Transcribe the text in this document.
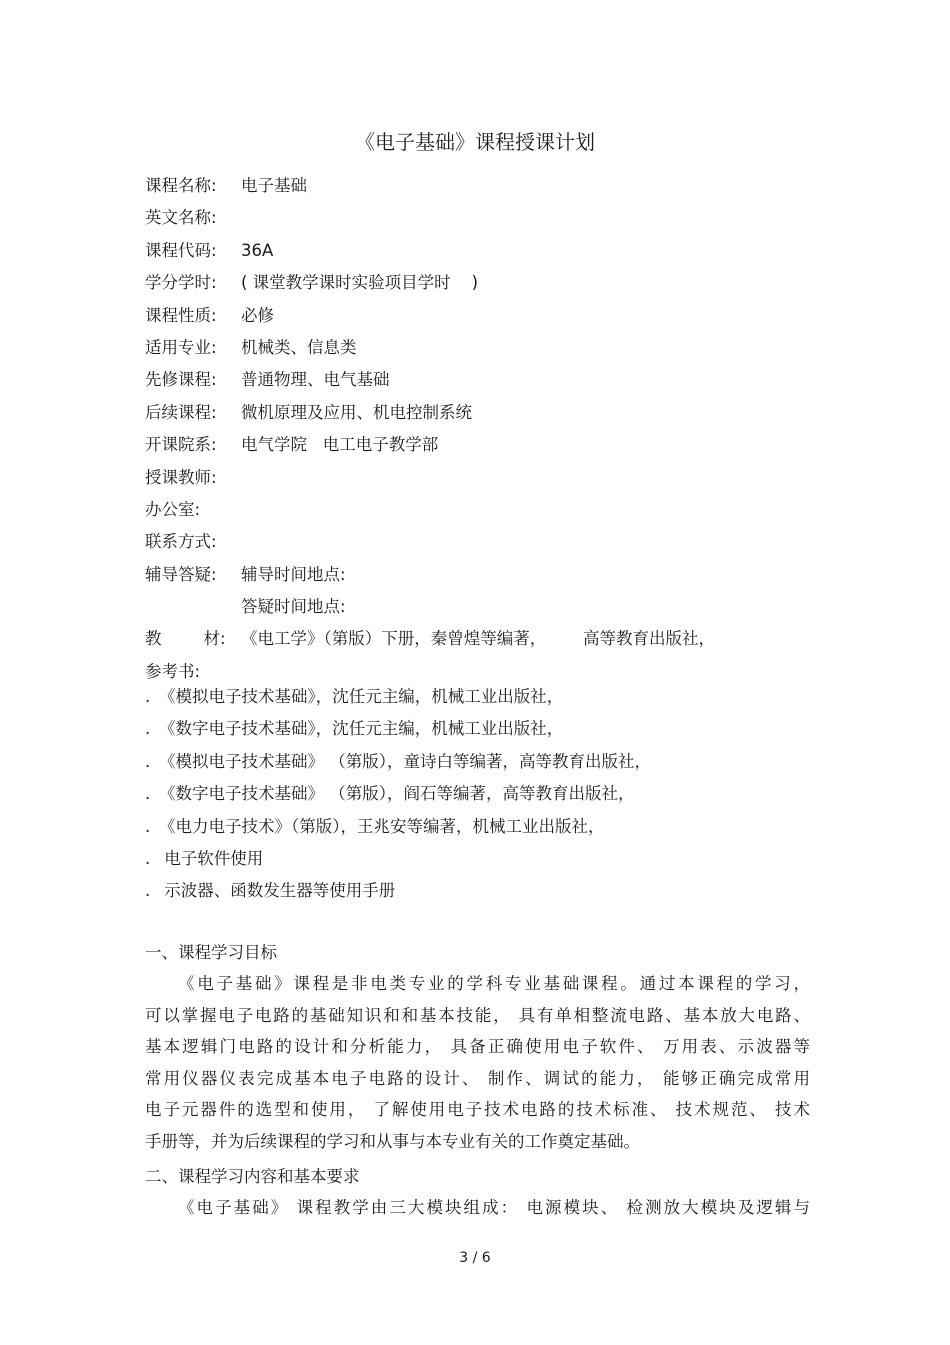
《电子基础》课程授课计划
课程名称: 电子基础
英文名称:
课程代码: 36A
学分学时: ( 课堂教学课时实验项目学时    )
课程性质: 必修
适用专业: 机械类、信息类
先修课程: 普通物理、电气基础
后续课程: 微机原理及应用、机电控制系统
开课院系: 电气学院   电工电子教学部
授课教师:
办公室:
联系方式:
辅导答疑: 辅导时间地点:
答疑时间地点:
教        材: 《电工学》（第版）下册，秦曾煌等编著，       高等教育出版社，
参考书:
. 《模拟电子技术基础》，沈任元主编，机械工业出版社，
. 《数字电子技术基础》，沈任元主编，机械工业出版社，
. 《模拟电子技术基础》 （第版），童诗白等编著，高等教育出版社，
. 《数字电子技术基础》 （第版），阎石等编著，高等教育出版社，
. 《电力电子技术》（第版），王兆安等编著，机械工业出版社，
. 电子软件使用
. 示波器、函数发生器等使用手册
一、课程学习目标
《电子基础》课程是非电类专业的学科专业基础课程。通过本课程的学习，
可以掌握电子电路的基础知识和和基本技能， 具有单相整流电路、基本放大电路、
基本逻辑门电路的设计和分析能力， 具备正确使用电子软件、 万用表、示波器等
常用仪器仪表完成基本电子电路的设计、 制作、调试的能力， 能够正确完成常用
电子元器件的选型和使用， 了解使用电子技术电路的技术标准、 技术规范、 技术
手册等，并为后续课程的学习和从事与本专业有关的工作奠定基础。
二、课程学习内容和基本要求
《电子基础》 课程教学由三大模块组成： 电源模块、 检测放大模块及逻辑与
3 / 6
